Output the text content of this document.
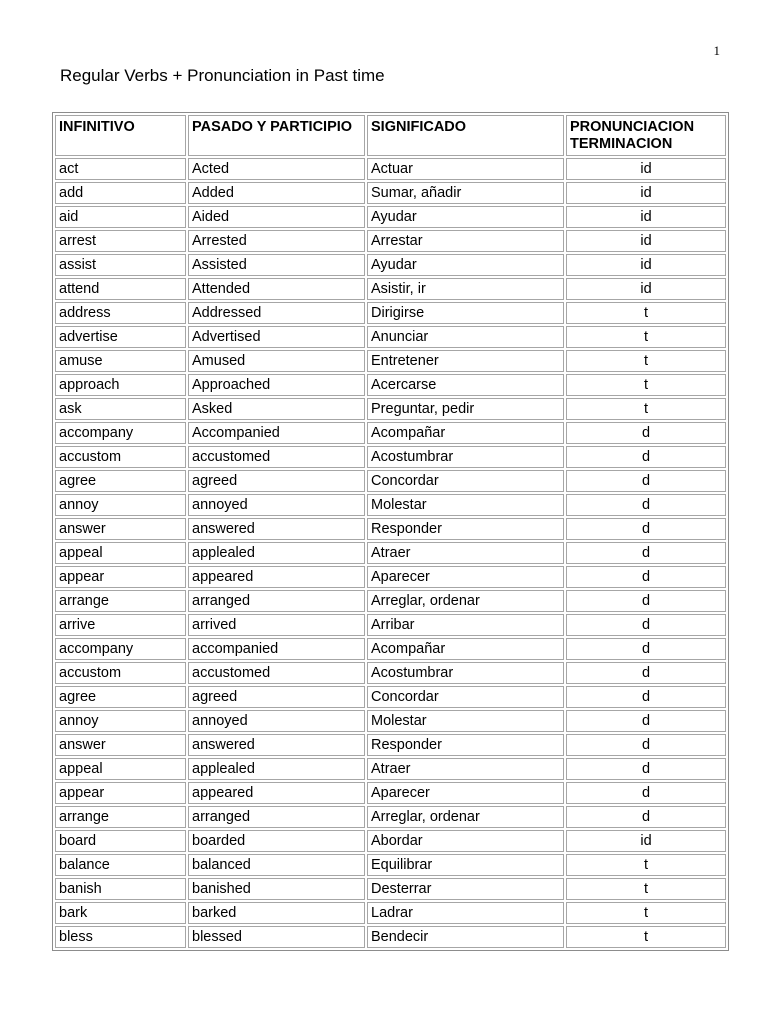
1
Regular Verbs + Pronunciation in Past time
INFINITIVO	PASADO Y PARTICIPIO	SIGNIFICADO	PRONUNCIACION TERMINACION
act	Acted	Actuar	id
add	Added	Sumar, añadir	id
aid	Aided	Ayudar	id
arrest	Arrested	Arrestar	id
assist	Assisted	Ayudar	id
attend	Attended	Asistir, ir	id
address	Addressed	Dirigirse	t
advertise	Advertised	Anunciar	t
amuse	Amused	Entretener	t
approach	Approached	Acercarse	t
ask	Asked	Preguntar, pedir	t
accompany	Accompanied	Acompañar	d
accustom	accustomed	Acostumbrar	d
agree	agreed	Concordar	d
annoy	annoyed	Molestar	d
answer	answered	Responder	d
appeal	applealed	Atraer	d
appear	appeared	Aparecer	d
arrange	arranged	Arreglar, ordenar	d
arrive	arrived	Arribar	d
accompany	accompanied	Acompañar	d
accustom	accustomed	Acostumbrar	d
agree	agreed	Concordar	d
annoy	annoyed	Molestar	d
answer	answered	Responder	d
appeal	applealed	Atraer	d
appear	appeared	Aparecer	d
arrange	arranged	Arreglar, ordenar	d
board	boarded	Abordar	id
balance	balanced	Equilibrar	t
banish	banished	Desterrar	t
bark	barked	Ladrar	t
bless	blessed	Bendecir	t
